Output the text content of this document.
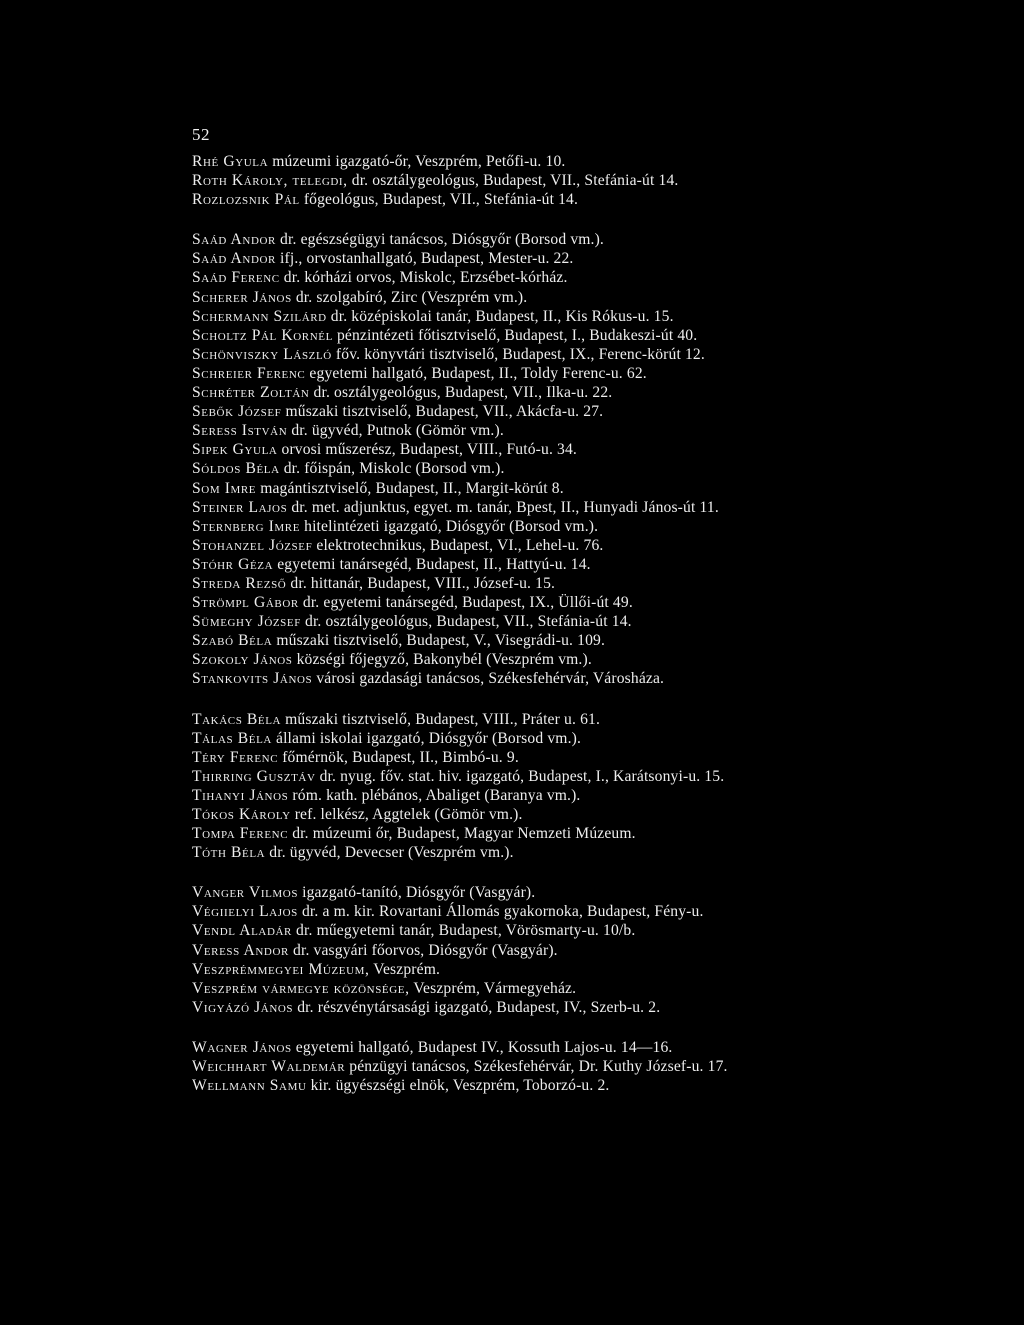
52
Rhé Gyula múzeumi igazgató-őr, Veszprém, Petőfi-u. 10.
Roth Károly, telegdi, dr. osztálygeológus, Budapest, VII., Stefánia-út 14.
Rozlozsnik Pál főgeológus, Budapest, VII., Stefánia-út 14.
Saád Andor dr. egészségügyi tanácsos, Diósgyőr (Borsod vm.).
Saád Andor ifj., orvostanhallgató, Budapest, Mester-u. 22.
Saád Ferenc dr. kórházi orvos, Miskolc, Erzsébet-kórház.
Scherer János dr. szolgabíró, Zirc (Veszprém vm.).
Schermann Szilárd dr. középiskolai tanár, Budapest, II., Kis Rókus-u. 15.
Scholtz Pál Kornél pénzintézeti főtisztviselő, Budapest, I., Budakeszi-út 40.
Schönviszky László főv. könyvtári tisztviselő, Budapest, IX., Ferenc-körút 12.
Schreier Ferenc egyetemi hallgató, Budapest, II., Toldy Ferenc-u. 62.
Schréter Zoltán dr. osztálygeológus, Budapest, VII., Ilka-u. 22.
Sebők József műszaki tisztviselő, Budapest, VII., Akácfa-u. 27.
Seress István dr. ügyvéd, Putnok (Gömör vm.).
Sipek Gyula orvosi műszerész, Budapest, VIII., Futó-u. 34.
Sóldos Béla dr. főispán, Miskolc (Borsod vm.).
Som Imre magántisztviselő, Budapest, II., Margit-körút 8.
Steiner Lajos dr. met. adjunktus, egyet. m. tanár, Bpest, II., Hunyadi János-út 11.
Sternberg Imre hitelintézeti igazgató, Diósgyőr (Borsod vm.).
Stohanzel József elektrotechnikus, Budapest, VI., Lehel-u. 76.
Stóhr Géza egyetemi tanársegéd, Budapest, II., Hattyú-u. 14.
Streda Rezső dr. hittanár, Budapest, VIII., József-u. 15.
Strömpl Gábor dr. egyetemi tanársegéd, Budapest, IX., Üllői-út 49.
Sümeghy József dr. osztálygeológus, Budapest, VII., Stefánia-út 14.
Szabó Béla műszaki tisztviselő, Budapest, V., Visegrádi-u. 109.
Szokoly János községi főjegyző, Bakonybél (Veszprém vm.).
Stankovits János városi gazdasági tanácsos, Székesfehérvár, Városháza.
Takács Béla műszaki tisztviselő, Budapest, VIII., Práter u. 61.
Tálas Béla állami iskolai igazgató, Diósgyőr (Borsod vm.).
Téry Ferenc főmérnök, Budapest, II., Bimbó-u. 9.
Thirring Gusztáv dr. nyug. főv. stat. hiv. igazgató, Budapest, I., Karátsonyi-u. 15.
Tihanyi János róm. kath. plébános, Abaliget (Baranya vm.).
Tókos Károly ref. lelkész, Aggtelek (Gömör vm.).
Tompa Ferenc dr. múzeumi őr, Budapest, Magyar Nemzeti Múzeum.
Tóth Béla dr. ügyvéd, Devecser (Veszprém vm.).
Vanger Vilmos igazgató-tanító, Diósgyőr (Vasgyár).
Végiielyi Lajos dr. a m. kir. Rovartani Állomás gyakornoka, Budapest, Fény-u.
Vendl Aladár dr. műegyetemi tanár, Budapest, Vörösmarty-u. 10/b.
Veress Andor dr. vasgyári főorvos, Diósgyőr (Vasgyár).
Veszprémmegyei Múzeum, Veszprém.
Veszprém vármegye közönsége, Veszprém, Vármegyeház.
Vigyázó János dr. részvénytársasági igazgató, Budapest, IV., Szerb-u. 2.
Wagner János egyetemi hallgató, Budapest IV., Kossuth Lajos-u. 14—16.
Weichhart Waldemár pénzügyi tanácsos, Székesfehérvár, Dr. Kuthy József-u. 17.
Wellmann Samu kir. ügyészségi elnök, Veszprém, Toborzó-u. 2.
